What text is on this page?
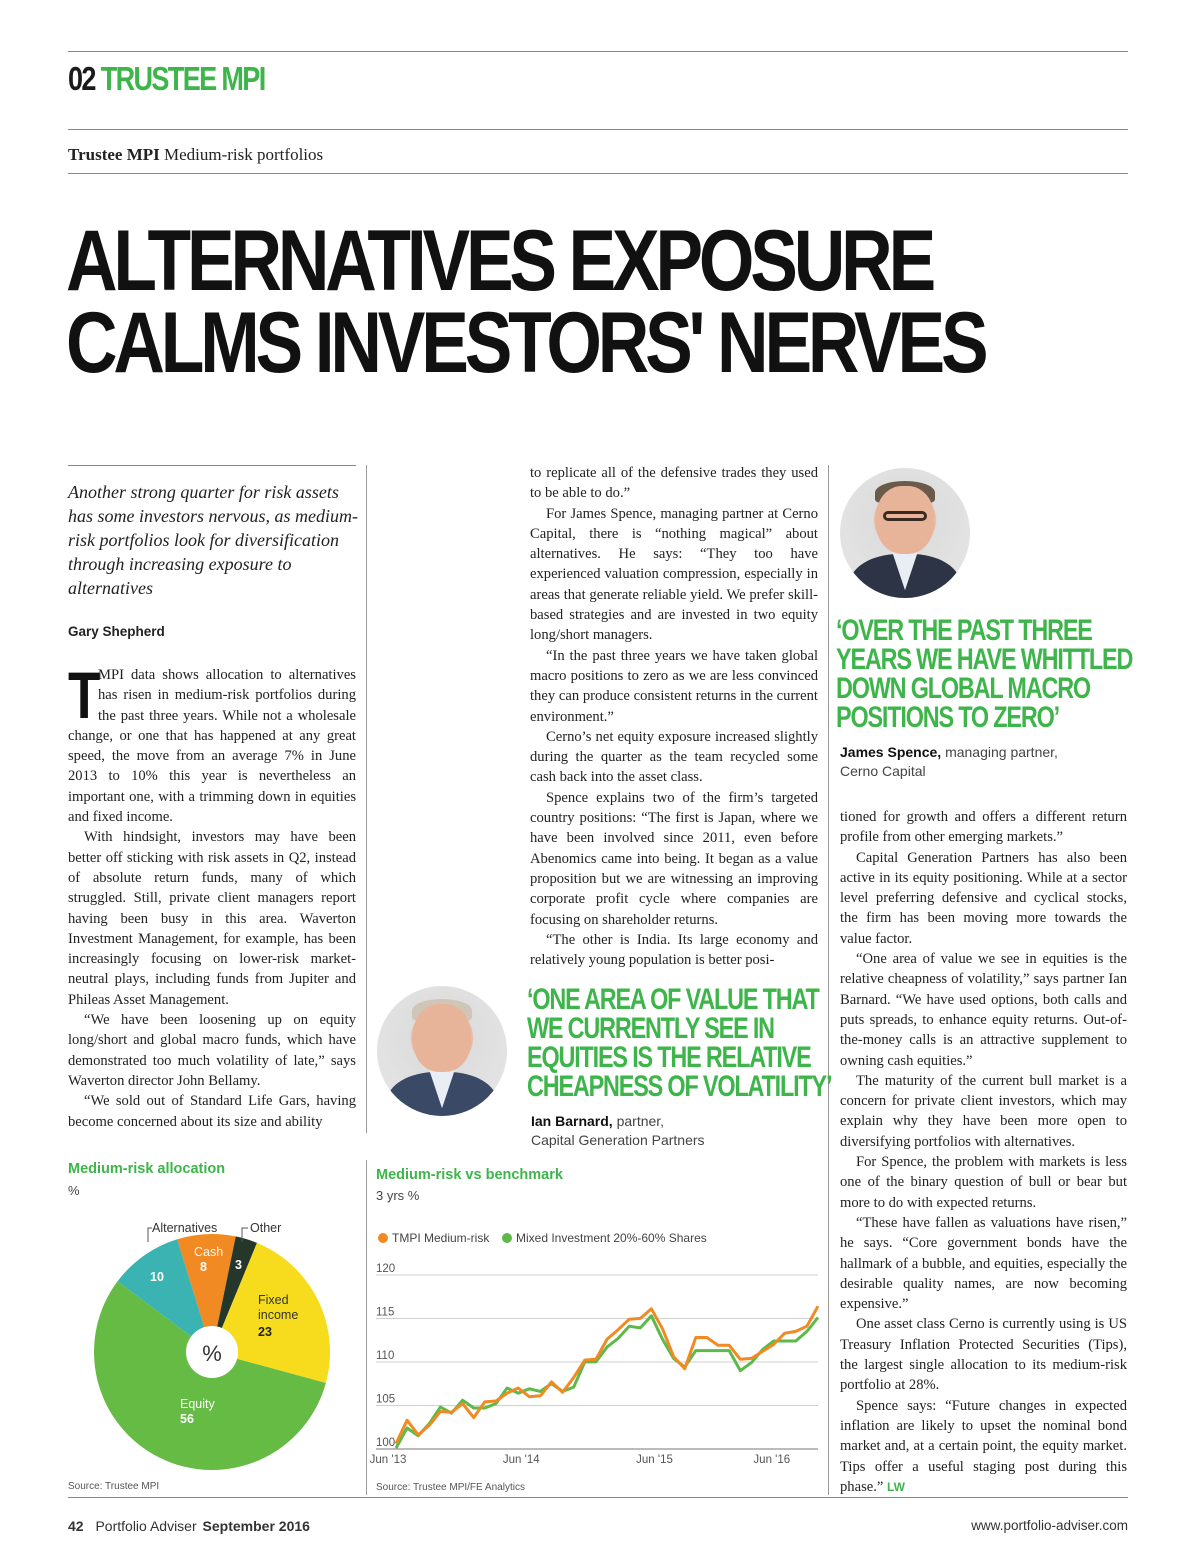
02 TRUSTEE MPI
Trustee MPI Medium-risk portfolios
ALTERNATIVES EXPOSURE
CALMS INVESTORS' NERVES
Another strong quarter for risk assets has some investors nervous, as medium-risk portfolios look for diversification through increasing exposure to alternatives
Gary Shepherd

T
MPI data shows allocation to alternatives has risen in medium-risk portfolios during the past three years. While not a wholesale change, or one that has happened at any great speed, the move from an average 7% in June 2013 to 10% this year is nevertheless an important one, with a trimming down in equities and fixed income.

With hindsight, investors may have been better off sticking with risk assets in Q2, instead of absolute return funds, many of which struggled. Still, private client managers report having been busy in this area. Waverton Investment Management, for example, has been increasingly focusing on lower-risk market-neutral plays, including funds from Jupiter and Phileas Asset Management.

“We have been loosening up on equity long/short and global macro funds, which have demonstrated too much volatility of late,” says Waverton director John Bellamy.

“We sold out of Standard Life Gars, having become concerned about its size and ability

to replicate all of the defensive trades they used to be able to do.”

For James Spence, managing partner at Cerno Capital, there is “nothing magical” about alternatives. He says: “They too have experienced valuation compression, especially in areas that generate reliable yield. We prefer skill-based strategies and are invested in two equity long/short managers.

“In the past three years we have taken global macro positions to zero as we are less convinced they can produce consistent returns in the current environment.”

Cerno’s net equity exposure increased slightly during the quarter as the team recycled some cash back into the asset class.

Spence explains two of the firm’s targeted country positions: “The first is Japan, where we have been involved since 2011, even before Abenomics came into being. It began as a value proposition but we are witnessing an improving corporate profit cycle where companies are focusing on shareholder returns.

“The other is India. Its large economy and relatively young population is better posi-

‘OVER THE PAST THREE
YEARS WE HAVE WHITTLED
DOWN GLOBAL MACRO
POSITIONS TO ZERO’
James Spence, managing partner,
Cerno Capital

tioned for growth and offers a different return profile from other emerging markets.”

Capital Generation Partners has also been active in its equity positioning. While at a sector level preferring defensive and cyclical stocks, the firm has been moving more towards the value factor.

“One area of value we see in equities is the relative cheapness of volatility,” says partner Ian Barnard. “We have used options, both calls and puts spreads, to enhance equity returns. Out-of-the-money calls is an attractive supplement to owning cash equities.”

The maturity of the current bull market is a concern for private client investors, which may explain why they have been more open to diversifying portfolios with alternatives.

For Spence, the problem with markets is less one of the binary question of bull or bear but more to do with expected returns.

“These have fallen as valuations have risen,” he says. “Core government bonds have the hallmark of a bubble, and equities, especially the desirable quality names, are now becoming expensive.”

One asset class Cerno is currently using is US Treasury Inflation Protected Securities (Tips), the largest single allocation to its medium-risk portfolio at 28%.

Spence says: “Future changes in expected inflation are likely to upset the nominal bond market and, at a certain point, the equity market. Tips offer a useful staging post during this phase.” LW

‘ONE AREA OF VALUE THAT
WE CURRENTLY SEE IN
EQUITIES IS THE RELATIVE
CHEAPNESS OF VOLATILITY’
Ian Barnard, partner,
Capital Generation Partners
Medium-risk allocation
%
%
Cash
8 3
Fixed
income
23
Equity
56
10
Alternatives	Other
Source: Trustee MPI
Medium-risk vs benchmark
3 yrs %
TMPI Medium-risk Mixed Investment 20%-60% Shares
100
105
110
115
120
Jun '13	Jun '14	Jun '15	Jun '16
Source: Trustee MPI/FE Analytics
42 Portfolio Adviser September 2016	www.portfolio-adviser.com
